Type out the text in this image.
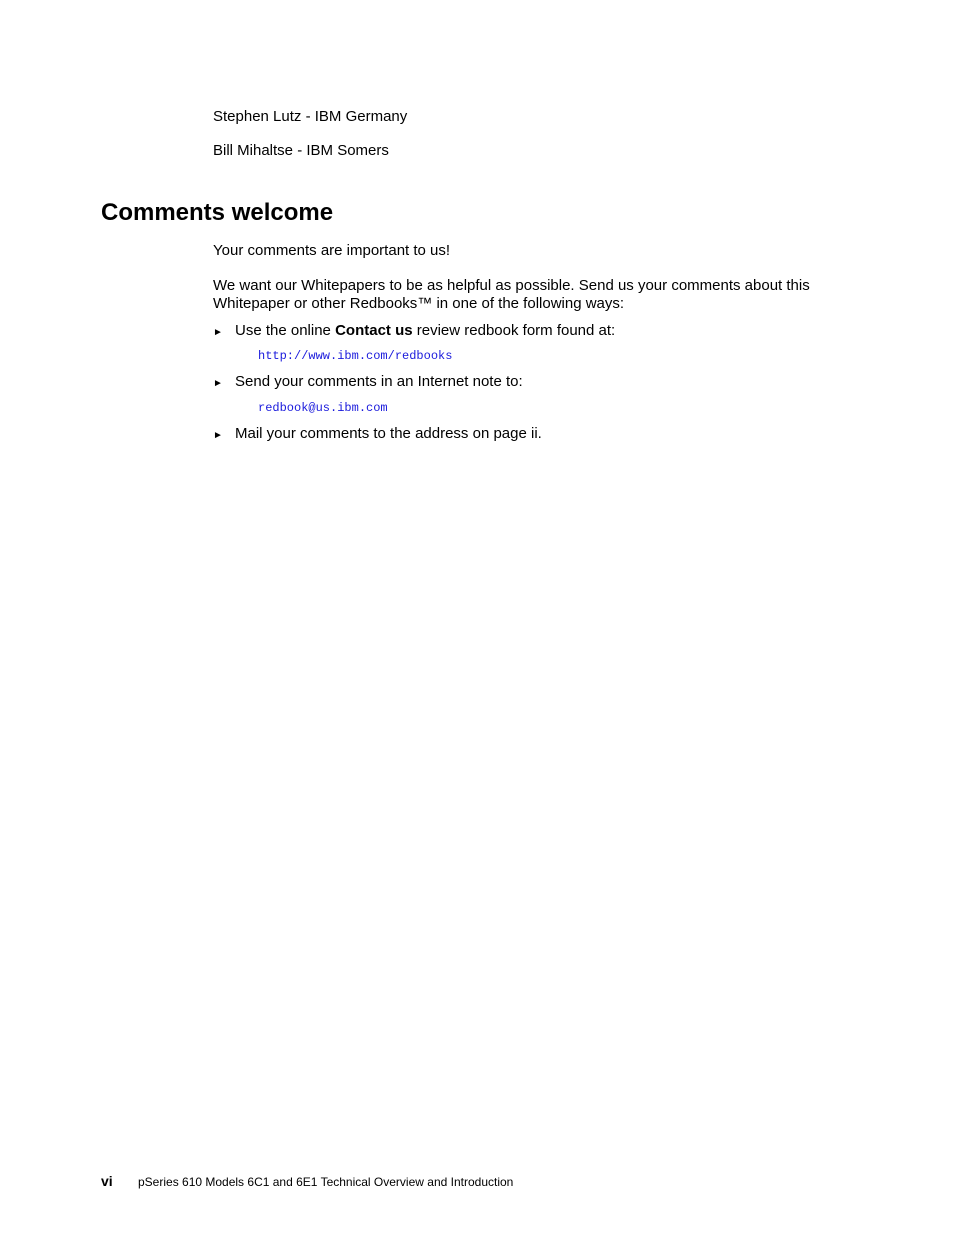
Stephen Lutz - IBM Germany
Bill Mihaltse - IBM Somers
Comments welcome
Your comments are important to us!
We want our Whitepapers to be as helpful as possible. Send us your comments about this Whitepaper or other Redbooks™ in one of the following ways:
► Use the online Contact us review redbook form found at:
http://www.ibm.com/redbooks
► Send your comments in an Internet note to:
redbook@us.ibm.com
► Mail your comments to the address on page ii.
vi pSeries 610 Models 6C1 and 6E1 Technical Overview and Introduction
